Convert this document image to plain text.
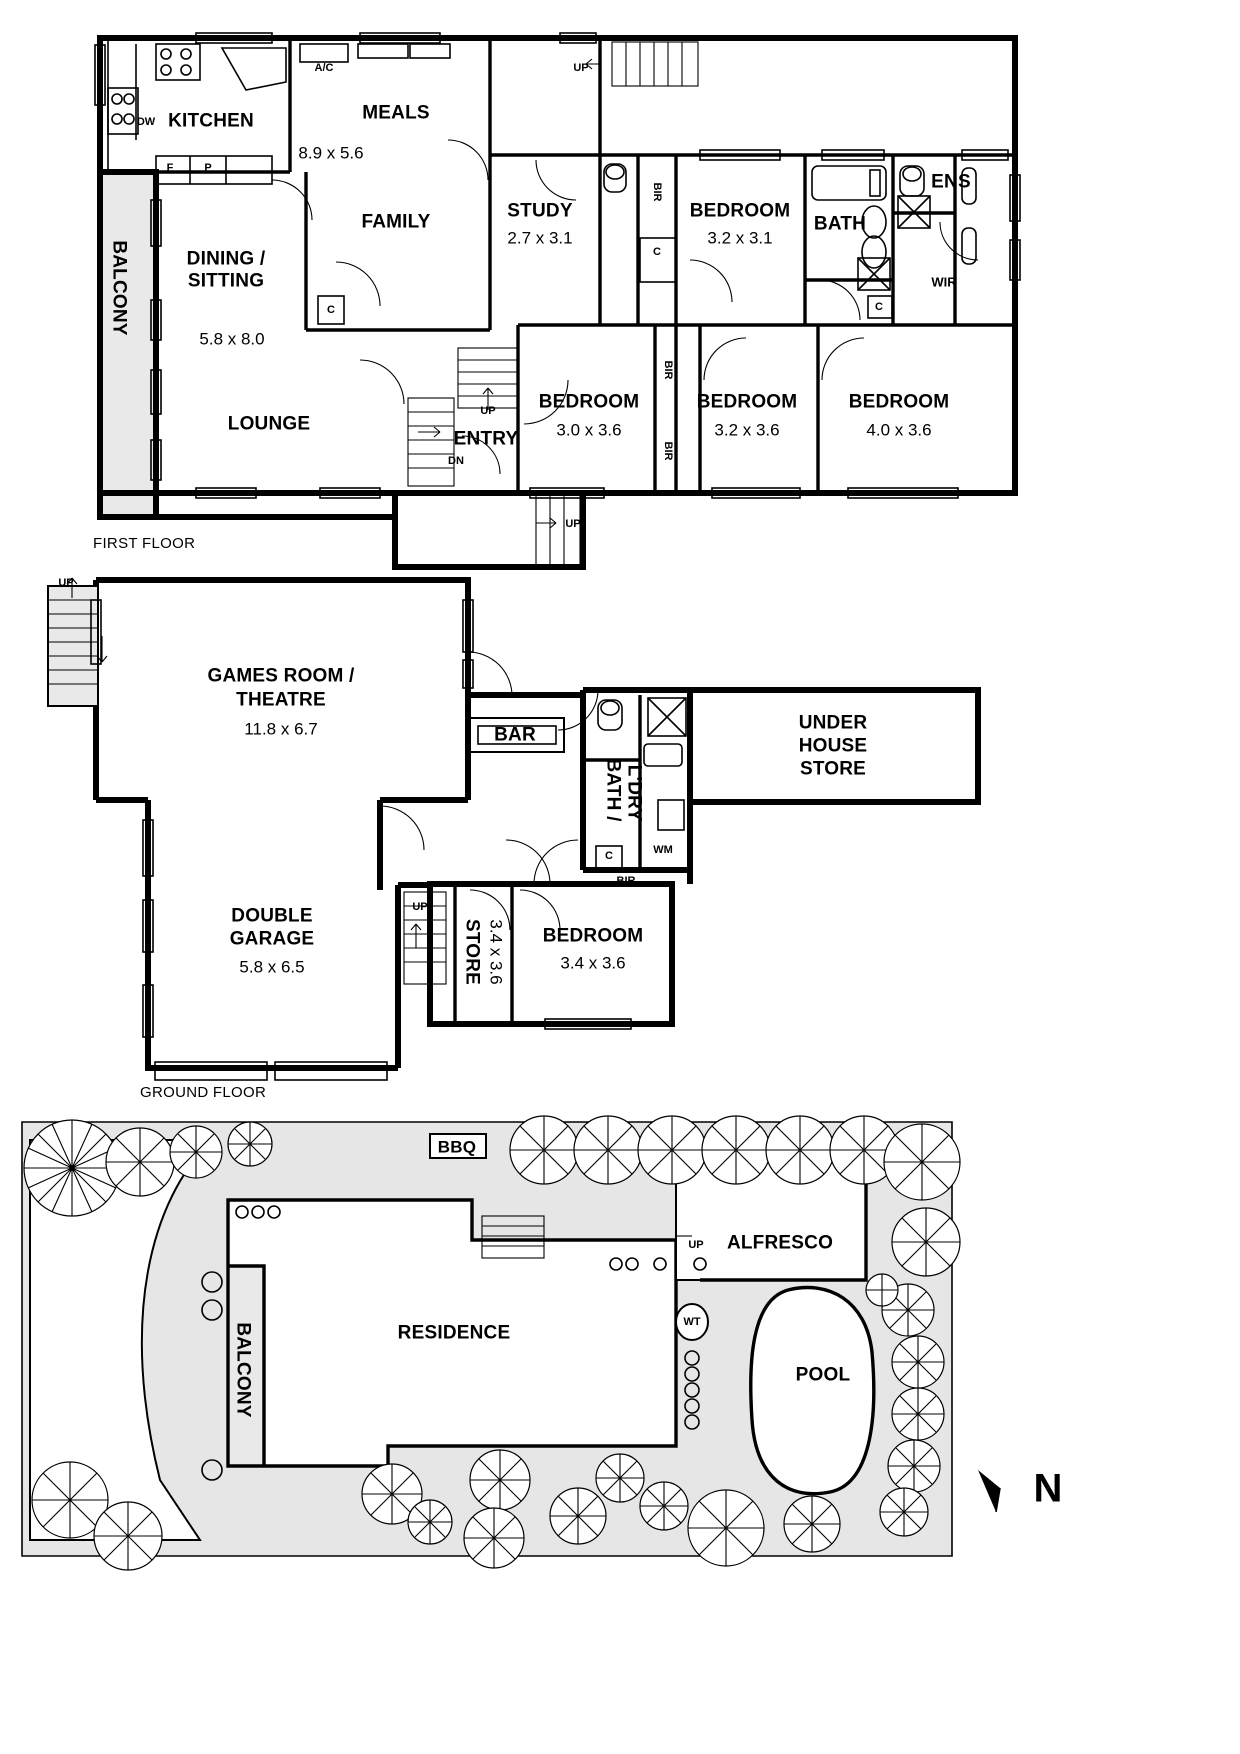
KITCHEN	MEALS
8.9 x 5.6
FAMILY
DINING /
SITTING
5.8 x 8.0
LOUNGE
BALCONY
STUDY
2.7 x 3.1
BEDROOM
3.2 x 3.1
BATH
ENS
WIR
BEDROOM
3.0 x 3.6
BEDROOM
3.2 x 3.6
BEDROOM
4.0 x 3.6
ENTRY
A/C
DW
F	P
C
C
C
BIR
BIR
BIR
UP
UP
DN
UP
FIRST FLOOR
GAMES ROOM /
THEATRE
11.8 x 6.7
DOUBLE
GARAGE
5.8 x 6.5
UNDER
HOUSE
STORE
BATH / L'DRY
BAR
STORE 3.4 x 3.6 BEDROOM
3.4 x 3.6
UP
UP
C	WM
BIR
GROUND FLOOR
BBQ
ALFRESCO
RESIDENCE
BALCONY	POOL
WT
UP
N
